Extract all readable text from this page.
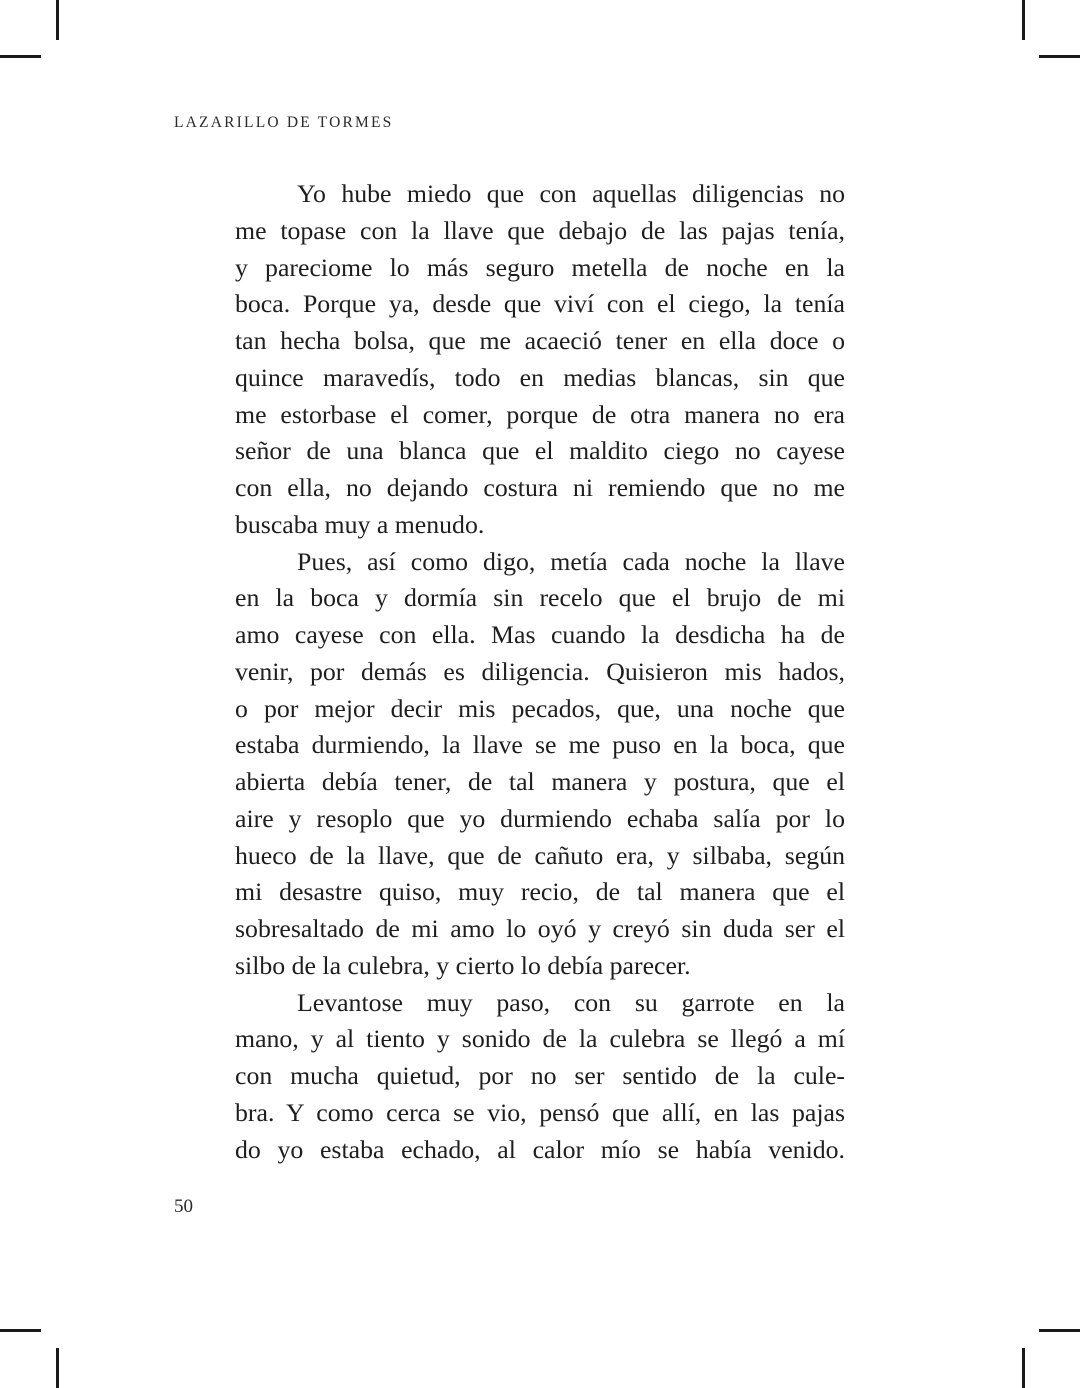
LAZARILLO DE TORMES

Yo hube miedo que con aquellas diligencias no
me topase con la llave que debajo de las pajas tenía,
y pareciome lo más seguro metella de noche en la
boca. Porque ya, desde que viví con el ciego, la tenía
tan hecha bolsa, que me acaeció tener en ella doce o
quince maravedís, todo en medias blancas, sin que
me estorbase el comer, porque de otra manera no era
señor de una blanca que el maldito ciego no cayese
con ella, no dejando costura ni remiendo que no me
buscaba muy a menudo.

Pues, así como digo, metía cada noche la llave
en la boca y dormía sin recelo que el brujo de mi
amo cayese con ella. Mas cuando la desdicha ha de
venir, por demás es diligencia. Quisieron mis hados,
o por mejor decir mis pecados, que, una noche que
estaba durmiendo, la llave se me puso en la boca, que
abierta debía tener, de tal manera y postura, que el
aire y resoplo que yo durmiendo echaba salía por lo
hueco de la llave, que de cañuto era, y silbaba, según
mi desastre quiso, muy recio, de tal manera que el
sobresaltado de mi amo lo oyó y creyó sin duda ser el
silbo de la culebra, y cierto lo debía parecer.

Levantose muy paso, con su garrote en la
mano, y al tiento y sonido de la culebra se llegó a mí
con mucha quietud, por no ser sentido de la cule-
bra. Y como cerca se vio, pensó que allí, en las pajas
do yo estaba echado, al calor mío se había venido.

50
